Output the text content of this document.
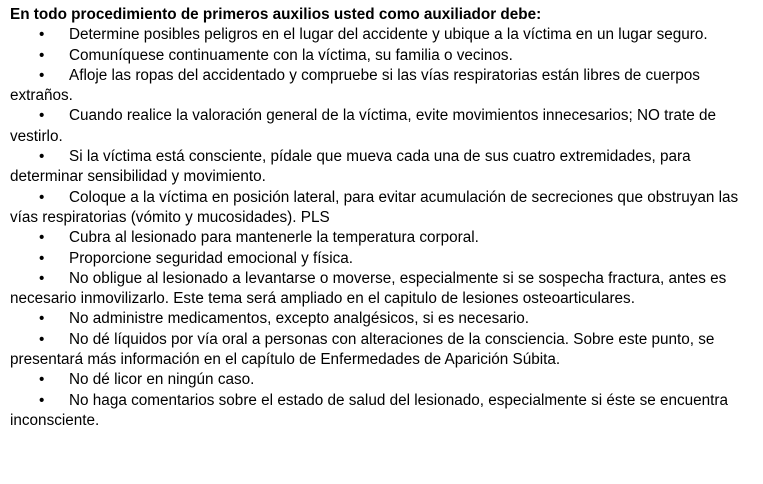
En todo procedimiento de primeros auxilios usted como auxiliador debe:

• Determine posibles peligros en el lugar del accidente y ubique a la víctima en un lugar seguro.
• Comuníquese continuamente con la víctima, su familia o vecinos.
• Afloje las ropas del accidentado y compruebe si las vías respiratorias están libres de cuerpos extraños.
• Cuando realice la valoración general de la víctima, evite movimientos innecesarios; NO trate de vestirlo.
• Si la víctima está consciente, pídale que mueva cada una de sus cuatro extremidades, para determinar sensibilidad y movimiento.
• Coloque a la víctima en posición lateral, para evitar acumulación de secreciones que obstruyan las vías respiratorias (vómito y mucosidades). PLS
• Cubra al lesionado para mantenerle la temperatura corporal.
• Proporcione seguridad emocional y física.
• No obligue al lesionado a levantarse o moverse, especialmente si se sospecha fractura, antes es necesario inmovilizarlo. Este tema será ampliado en el capitulo de lesiones osteoarticulares.
• No administre medicamentos, excepto analgésicos, si es necesario.
• No dé líquidos por vía oral a personas con alteraciones de la consciencia. Sobre este punto, se presentará más información en el capítulo de Enfermedades de Aparición Súbita.
• No dé licor en ningún caso.
• No haga comentarios sobre el estado de salud del lesionado, especialmente si éste se encuentra inconsciente.
